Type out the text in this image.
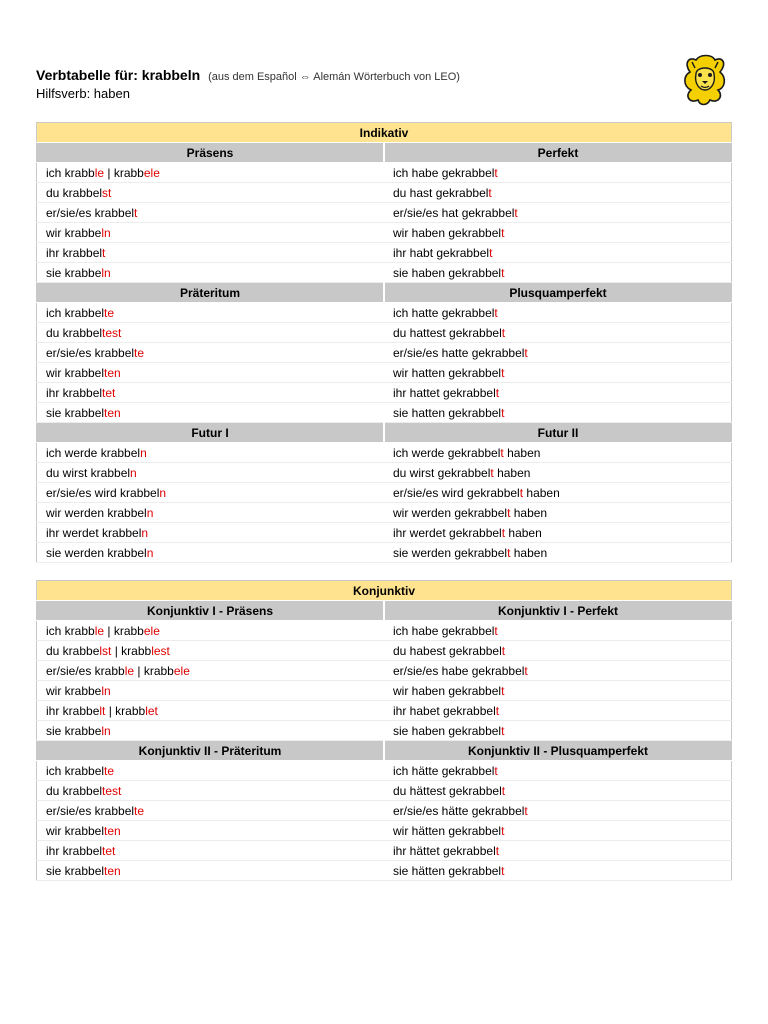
Verbtabelle für: krabbeln (aus dem Español ⇔ Alemán Wörterbuch von LEO)
Hilfsverb: haben
Indikativ	
Präsens	Perfekt
ich krabble | krabbele	ich habe gekrabbelt
du krabbelst	du hast gekrabbelt
er/sie/es krabbelt	er/sie/es hat gekrabbelt
wir krabbeln	wir haben gekrabbelt
ihr krabbelt	ihr habt gekrabbelt
sie krabbeln	sie haben gekrabbelt
Präteritum	Plusquamperfekt
ich krabbelte	ich hatte gekrabbelt
du krabbeltest	du hattest gekrabbelt
er/sie/es krabbelte	er/sie/es hatte gekrabbelt
wir krabbelten	wir hatten gekrabbelt
ihr krabbeltet	ihr hattet gekrabbelt
sie krabbelten	sie hatten gekrabbelt
Futur I	Futur II
ich werde krabbeln	ich werde gekrabbelt haben
du wirst krabbeln	du wirst gekrabbelt haben
er/sie/es wird krabbeln	er/sie/es wird gekrabbelt haben
wir werden krabbeln	wir werden gekrabbelt haben
ihr werdet krabbeln	ihr werdet gekrabbelt haben
sie werden krabbeln	sie werden gekrabbelt haben
Konjunktiv	
Konjunktiv I - Präsens	Konjunktiv I - Perfekt
ich krabble | krabbele	ich habe gekrabbelt
du krabbelst | krabblest	du habest gekrabbelt
er/sie/es krabble | krabbele	er/sie/es habe gekrabbelt
wir krabbeln	wir haben gekrabbelt
ihr krabbelt | krabblet	ihr habet gekrabbelt
sie krabbeln	sie haben gekrabbelt
Konjunktiv II - Präteritum	Konjunktiv II - Plusquamperfekt
ich krabbelte	ich hätte gekrabbelt
du krabbeltest	du hättest gekrabbelt
er/sie/es krabbelte	er/sie/es hätte gekrabbelt
wir krabbelten	wir hätten gekrabbelt
ihr krabbeltet	ihr hättet gekrabbelt
sie krabbelten	sie hätten gekrabbelt
